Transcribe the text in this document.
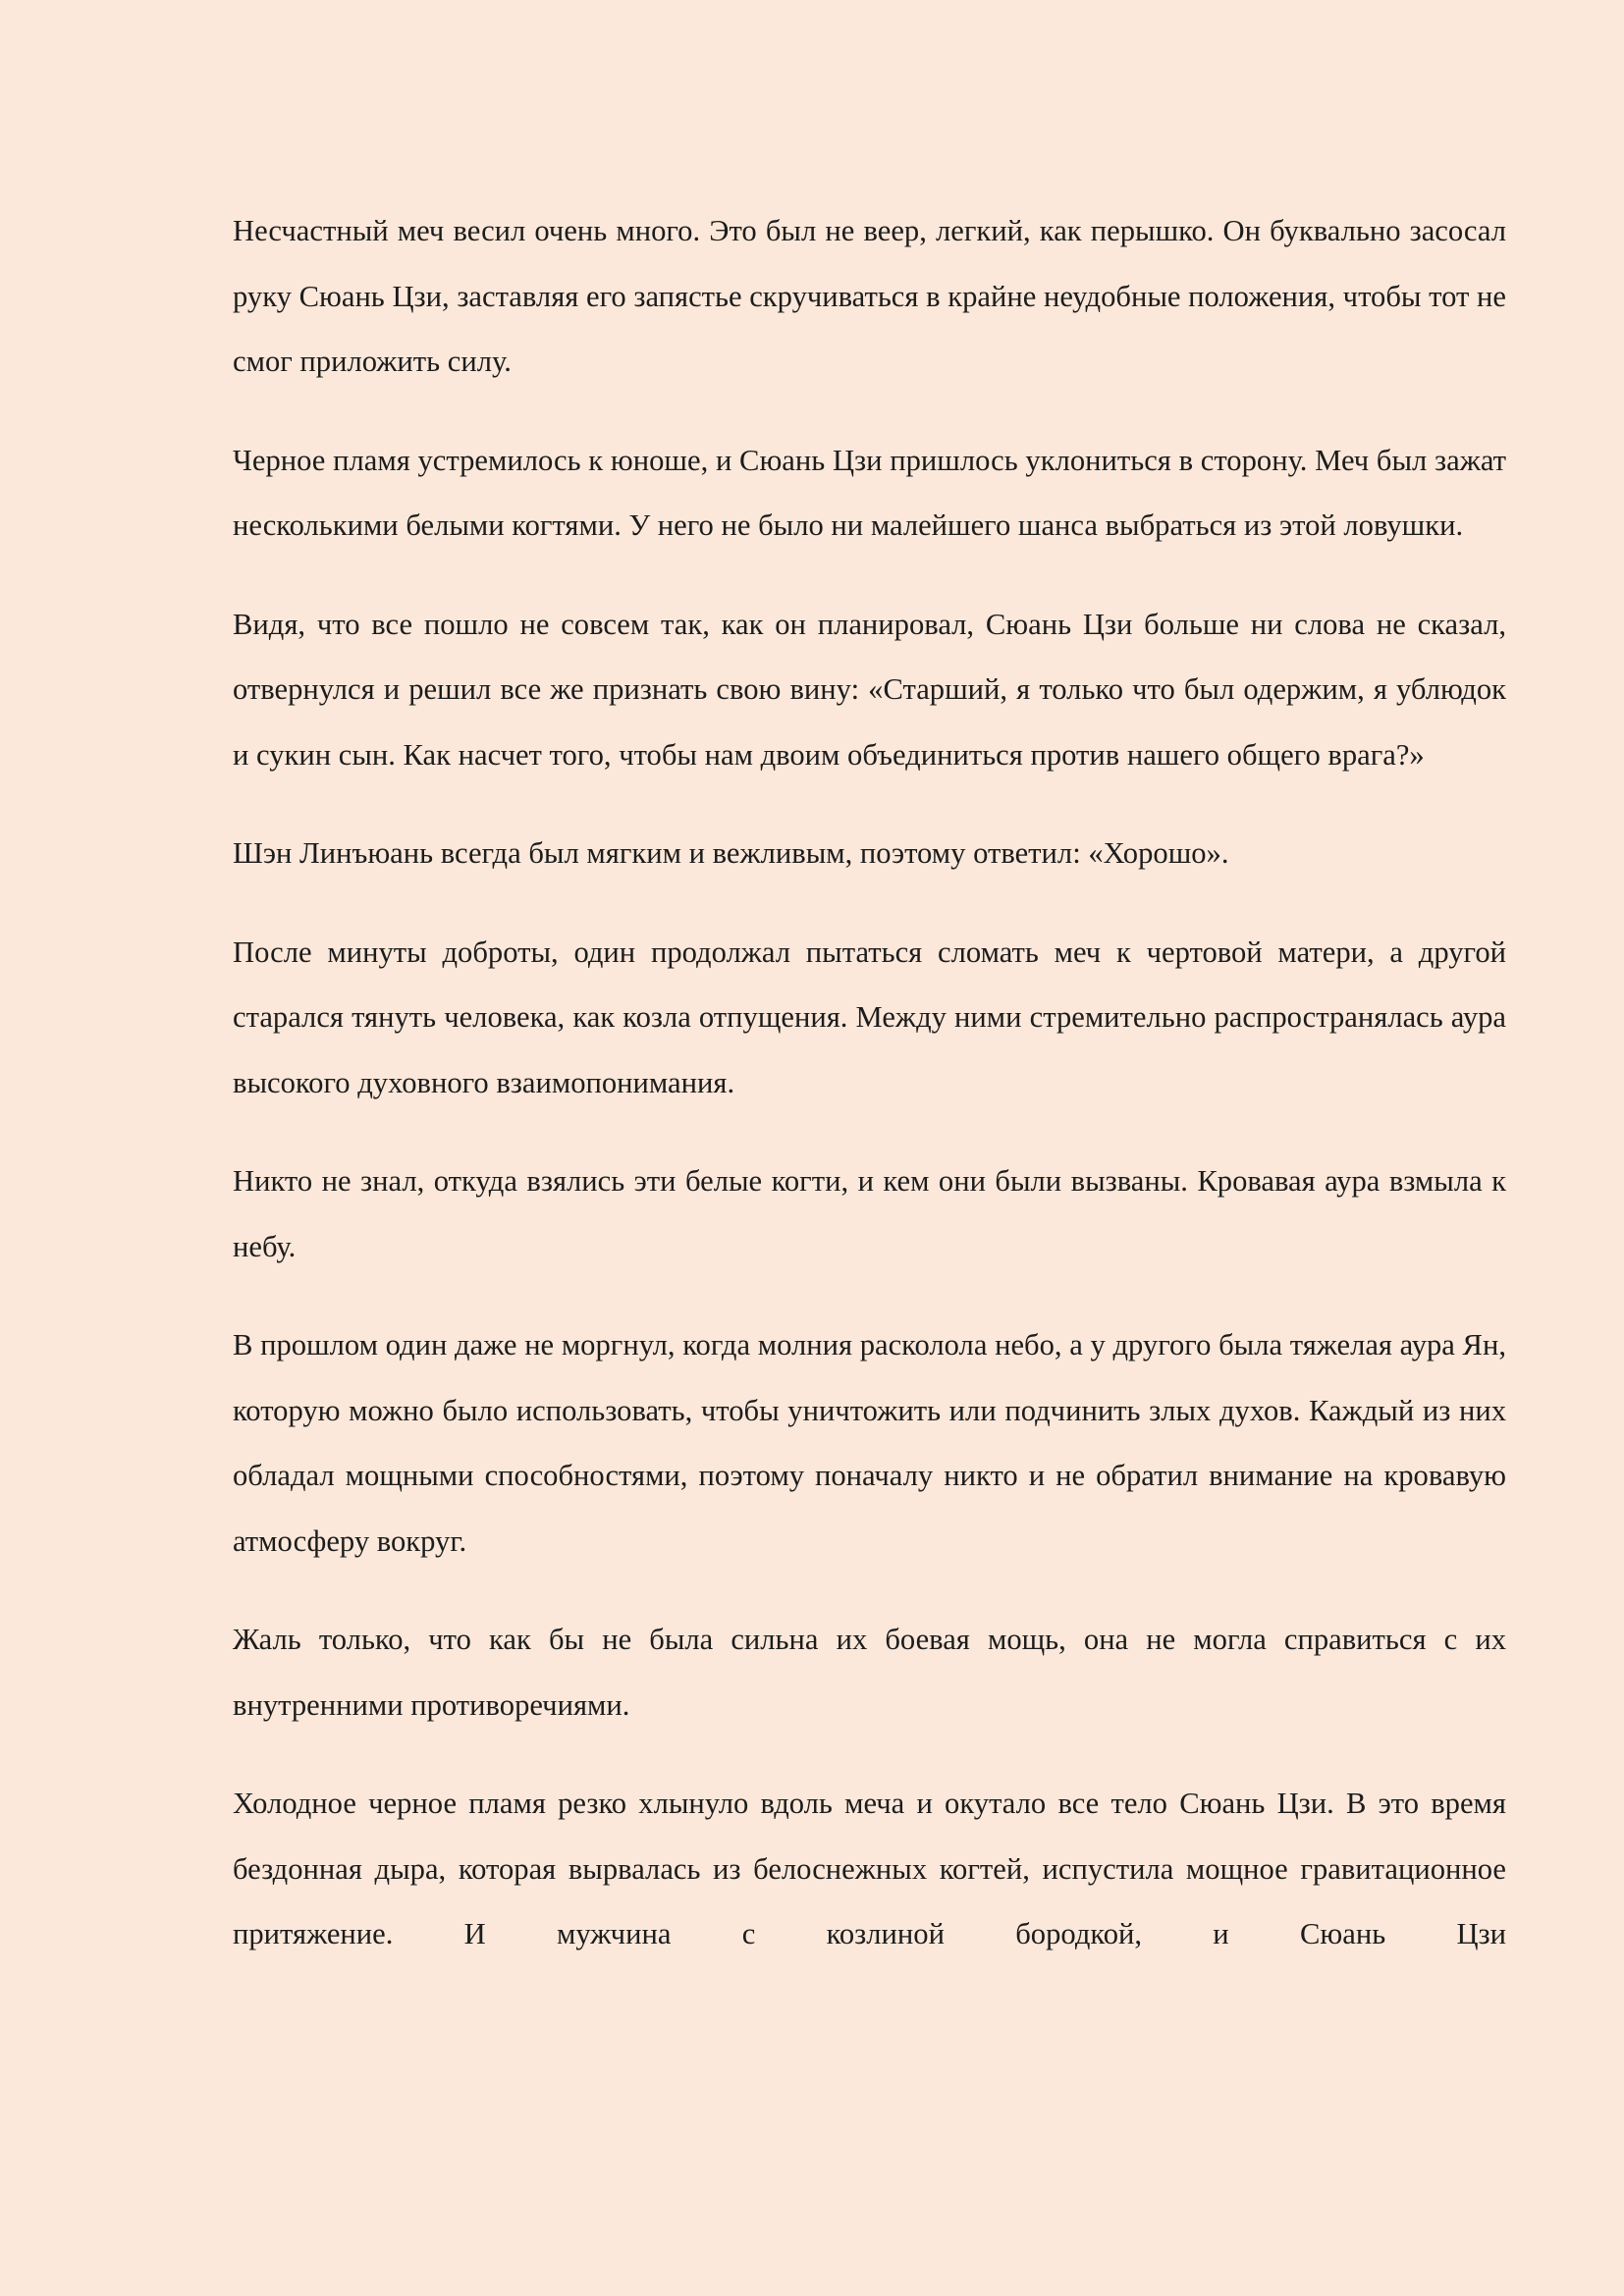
Несчастный меч весил очень много. Это был не веер, легкий, как перышко. Он буквально засосал руку Сюань Цзи, заставляя его запястье скручиваться в крайне неудобные положения, чтобы тот не смог приложить силу.

Черное пламя устремилось к юноше, и Сюань Цзи пришлось уклониться в сторону. Меч был зажат несколькими белыми когтями. У него не было ни малейшего шанса выбраться из этой ловушки.

Видя, что все пошло не совсем так, как он планировал, Сюань Цзи больше ни слова не сказал, отвернулся и решил все же признать свою вину: «Старший, я только что был одержим, я ублюдок и сукин сын. Как насчет того, чтобы нам двоим объединиться против нашего общего врага?»

Шэн Линъюань всегда был мягким и вежливым, поэтому ответил: «Хорошо».

После минуты доброты, один продолжал пытаться сломать меч к чертовой матери, а другой старался тянуть человека, как козла отпущения. Между ними стремительно распространялась аура высокого духовного взаимопонимания.

Никто не знал, откуда взялись эти белые когти, и кем они были вызваны. Кровавая аура взмыла к небу.

В прошлом один даже не моргнул, когда молния расколола небо, а у другого была тяжелая аура Ян, которую можно было использовать, чтобы уничтожить или подчинить злых духов. Каждый из них обладал мощными способностями, поэтому поначалу никто и не обратил внимание на кровавую атмосферу вокруг.

Жаль только, что как бы не была сильна их боевая мощь, она не могла справиться с их внутренними противоречиями.

Холодное черное пламя резко хлынуло вдоль меча и окутало все тело Сюань Цзи. В это время бездонная дыра, которая вырвалась из белоснежных когтей, испустила мощное гравитационное притяжение. И мужчина с козлиной бородкой, и Сюань Цзи
